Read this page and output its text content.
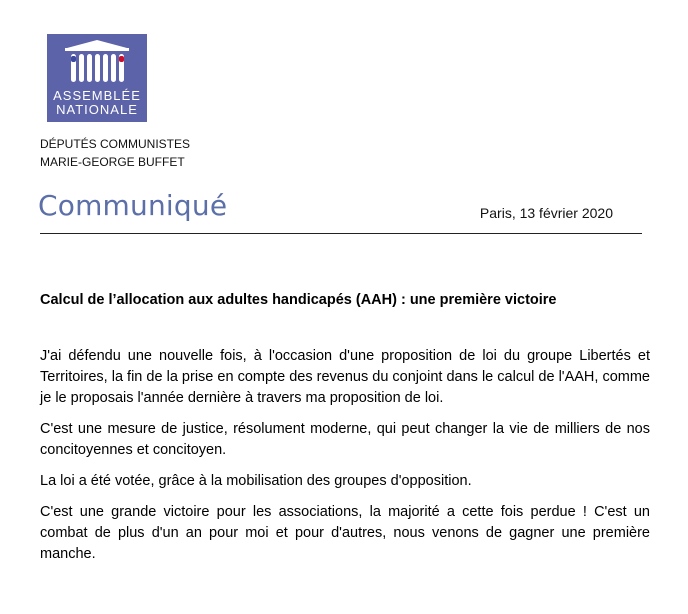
ASSEMBLÉE
NATIONALE
DÉPUTÉS COMMUNISTES
MARIE-GEORGE BUFFET
Communiqué	Paris, 13 février 2020
Calcul de l’allocation aux adultes handicapés (AAH) : une première victoire

J'ai défendu une nouvelle fois, à l'occasion d'une proposition de loi du groupe Libertés et Territoires, la fin de la prise en compte des revenus du conjoint dans le calcul de l'AAH, comme je le proposais l'année dernière à travers ma proposition de loi.

C'est une mesure de justice, résolument moderne, qui peut changer la vie de milliers de nos concitoyennes et concitoyen.

La loi a été votée, grâce à la mobilisation des groupes d'opposition.

C'est une grande victoire pour les associations, la majorité a cette fois perdue ! C'est un combat de plus d'un an pour moi et pour d'autres, nous venons de gagner une première manche.
